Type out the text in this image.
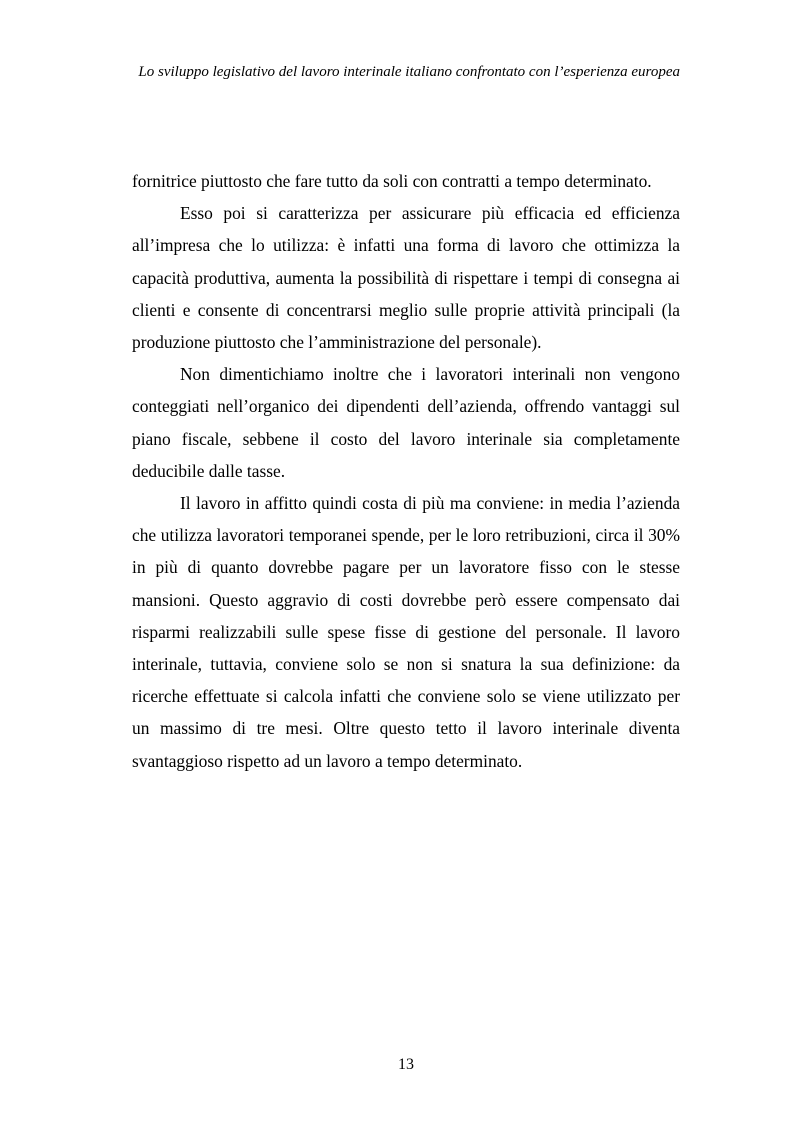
Lo sviluppo legislativo del lavoro interinale italiano confrontato con l’esperienza europea

fornitrice piuttosto che fare tutto da soli con contratti a tempo determinato.

Esso poi si caratterizza per assicurare più efficacia ed efficienza all’impresa che lo utilizza: è infatti una forma di lavoro che ottimizza la capacità produttiva, aumenta la possibilità di rispettare i tempi di consegna ai clienti e consente di concentrarsi meglio sulle proprie attività principali (la produzione piuttosto che l’amministrazione del personale).

Non dimentichiamo inoltre che i lavoratori interinali non vengono conteggiati nell’organico dei dipendenti dell’azienda, offrendo vantaggi sul piano fiscale, sebbene il costo del lavoro interinale sia completamente deducibile dalle tasse.

Il lavoro in affitto quindi costa di più ma conviene: in media l’azienda che utilizza lavoratori temporanei spende, per le loro retribuzioni, circa il 30% in più di quanto dovrebbe pagare per un lavoratore fisso con le stesse mansioni. Questo aggravio di costi dovrebbe però essere compensato dai risparmi realizzabili sulle spese fisse di gestione del personale. Il lavoro interinale, tuttavia, conviene solo se non si snatura la sua definizione: da ricerche effettuate si calcola infatti che conviene solo se viene utilizzato per un massimo di tre mesi. Oltre questo tetto il lavoro interinale diventa svantaggioso rispetto ad un lavoro a tempo determinato.

13
